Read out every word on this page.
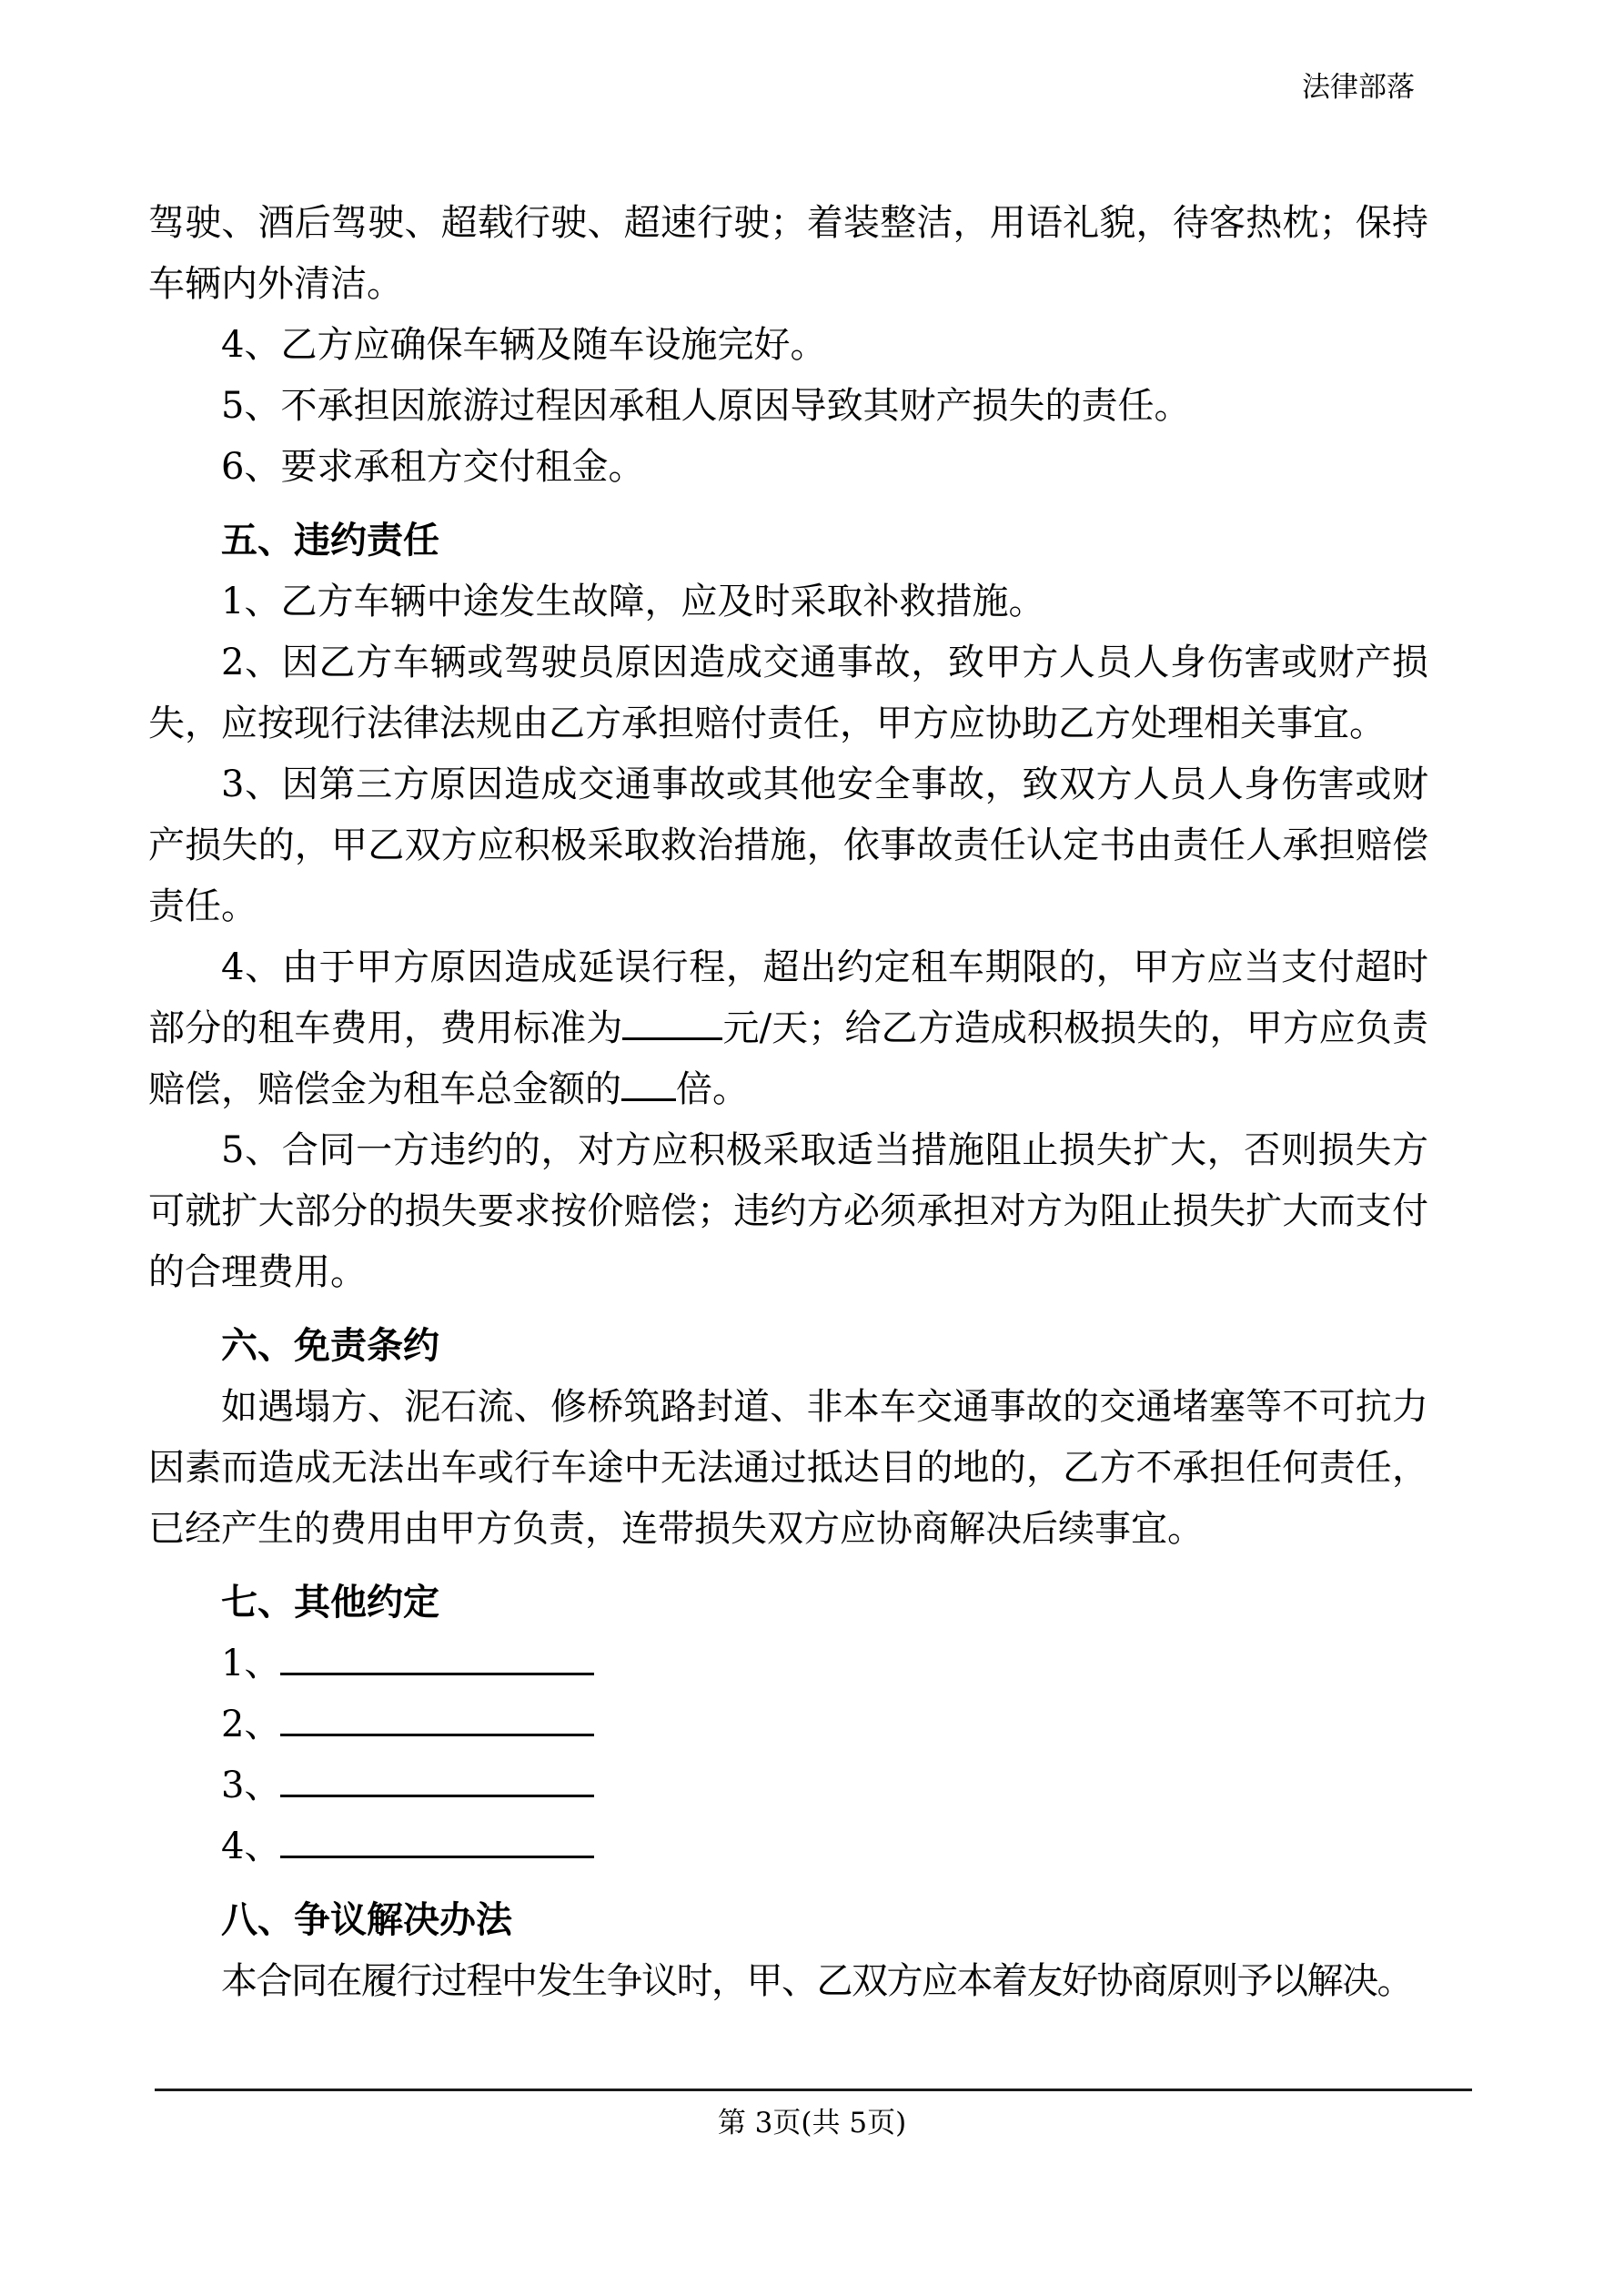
法律部落

驾驶、酒后驾驶、超载行驶、超速行驶；着装整洁，用语礼貌，待客热枕；保持车辆内外清洁。

4、乙方应确保车辆及随车设施完好。

5、不承担因旅游过程因承租人原因导致其财产损失的责任。

6、要求承租方交付租金。

五、违约责任

1、乙方车辆中途发生故障，应及时采取补救措施。

2、因乙方车辆或驾驶员原因造成交通事故，致甲方人员人身伤害或财产损失，应按现行法律法规由乙方承担赔付责任，甲方应协助乙方处理相关事宜。

3、因第三方原因造成交通事故或其他安全事故，致双方人员人身伤害或财产损失的，甲乙双方应积极采取救治措施，依事故责任认定书由责任人承担赔偿责任。

4、由于甲方原因造成延误行程，超出约定租车期限的，甲方应当支付超时部分的租车费用，费用标准为	元/天；给乙方造成积极损失的，甲方应负责赔偿，赔偿金为租车总金额的 倍。

5、合同一方违约的，对方应积极采取适当措施阻止损失扩大，否则损失方可就扩大部分的损失要求按价赔偿；违约方必须承担对方为阻止损失扩大而支付的合理费用。

六、免责条约

如遇塌方、泥石流、修桥筑路封道、非本车交通事故的交通堵塞等不可抗力因素而造成无法出车或行车途中无法通过抵达目的地的，乙方不承担任何责任，已经产生的费用由甲方负责，连带损失双方应协商解决后续事宜。

七、其他约定

1、

2、

3、

4、

八、争议解决办法

本合同在履行过程中发生争议时，甲、乙双方应本着友好协商原则予以解决。

第 3页(共 5页)
